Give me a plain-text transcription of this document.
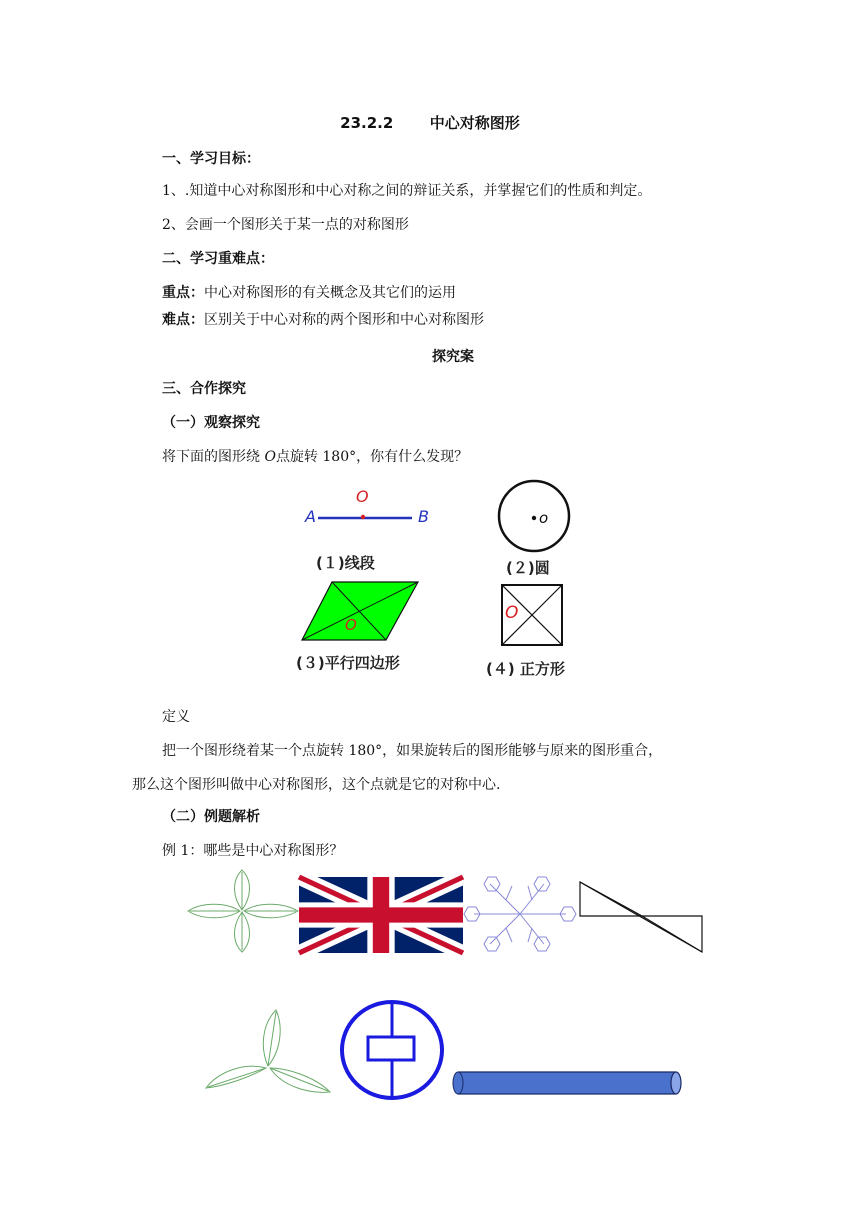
23.2.2 中心对称图形
一、学习目标：
1、.知道中心对称图形和中心对称之间的辩证关系，并掌握它们的性质和判定。
2、会画一个图形关于某一点的对称图形
二、学习重难点：
重点：中心对称图形的有关概念及其它们的运用
难点：区别关于中心对称的两个图形和中心对称图形
探究案
三、合作探究
（一）观察探究
将下面的图形绕 O点旋转 180°，你有什么发现？
A	B
O
(１)线段
o
(２)圆
O
(３)平行四边形
O
(４) 正方形
定义
把一个图形绕着某一个点旋转 180°，如果旋转后的图形能够与原来的图形重合，
那么这个图形叫做中心对称图形，这个点就是它的对称中心.
（二）例题解析
例 1：哪些是中心对称图形？
